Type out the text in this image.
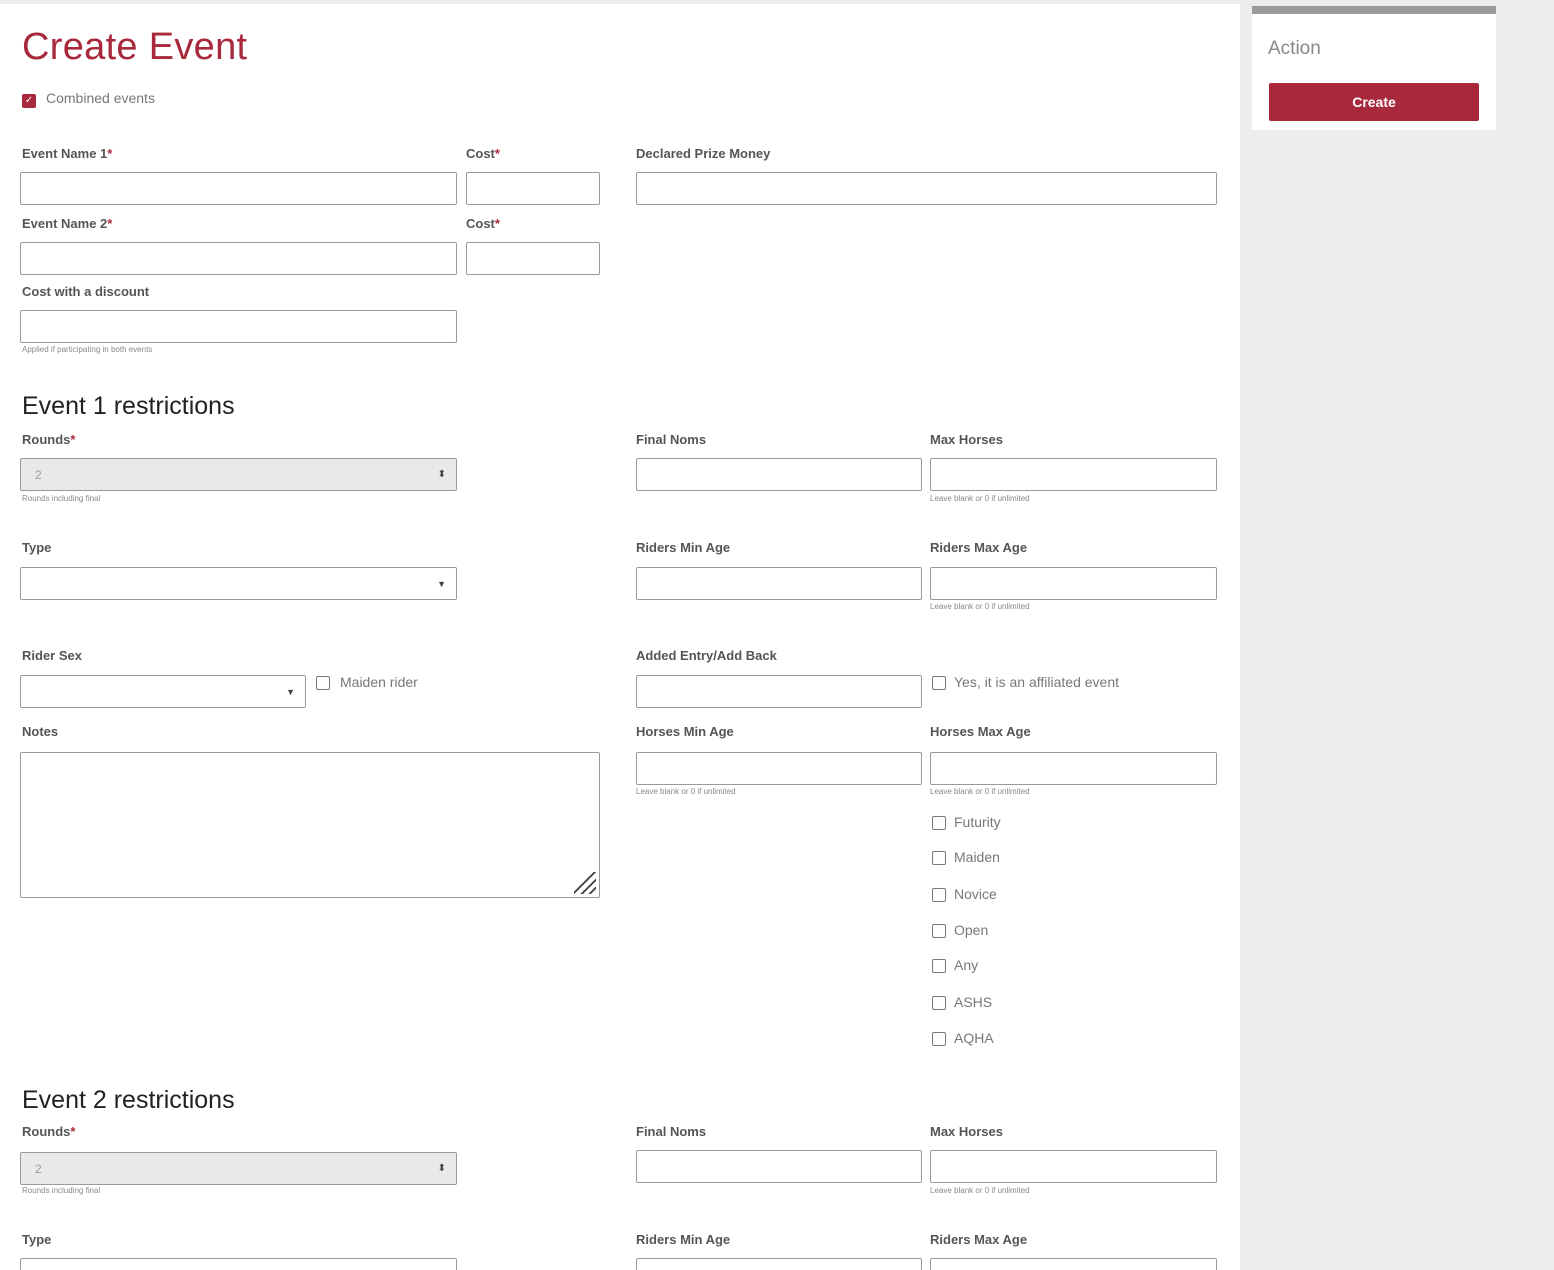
Create Event
✓ Combined events
Event Name 1*	Cost*	Declared Prize Money
Event Name 2*	Cost*
Cost with a discount
Applied if participating in both events
Event 1 restrictions
Rounds*
2	⬍
Rounds including final
Final Noms	Max Horses
Leave blank or 0 if unlimited
Type
▼
Riders Min Age	Riders Max Age
Leave blank or 0 if unlimited
Rider Sex
▼
Maiden rider
Added Entry/Add Back
Yes, it is an affiliated event
Notes	Horses Min Age
Leave blank or 0 if unlimited
Horses Max Age
Leave blank or 0 if unlimited
Futurity
Maiden
Novice
Open
Any
ASHS
AQHA
Event 2 restrictions
Rounds*
2	⬍
Rounds including final
Final Noms	Max Horses
Leave blank or 0 if unlimited
Type	Riders Min Age	Riders Max Age
Action
Create
